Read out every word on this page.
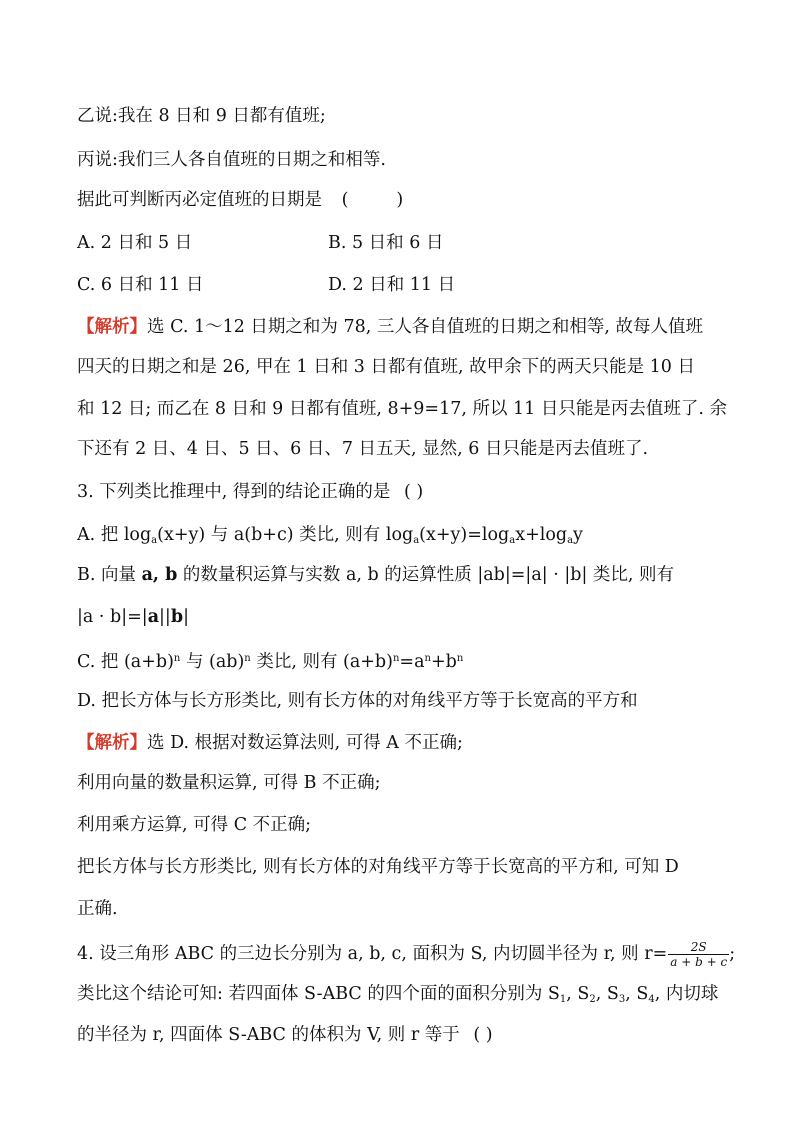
乙说:我在 8 日和 9 日都有值班;
丙说:我们三人各自值班的日期之和相等.
据此可判断丙必定值班的日期是 (	)
A. 2 日和 5 日	B. 5 日和 6 日
C. 6 日和 11 日	D. 2 日和 11 日
【解析】选 C. 1～12 日期之和为 78, 三人各自值班的日期之和相等, 故每人值班
四天的日期之和是 26, 甲在 1 日和 3 日都有值班, 故甲余下的两天只能是 10 日
和 12 日; 而乙在 8 日和 9 日都有值班, 8+9=17, 所以 11 日只能是丙去值班了. 余
下还有 2 日、4 日、5 日、6 日、7 日五天, 显然, 6 日只能是丙去值班了.
3. 下列类比推理中, 得到的结论正确的是 ( )
A. 把 $\log_a(x+y)$ 与 a(b+c) 类比, 则有 $\log_a(x+y)=\log_ax+\log_ay$
B. 向量 a, b 的数量积运算与实数 a, b 的运算性质 |ab|=|a| · |b| 类比, 则有
|a · b|=|a||b|
C. 把 $(a+b)^n$ 与 (ab)$^n$ 类比, 则有 $(a+b)^n=a^n+b^n$
D. 把长方体与长方形类比, 则有长方体的对角线平方等于长宽高的平方和
【解析】选 D. 根据对数运算法则, 可得 A 不正确;
利用向量的数量积运算, 可得 B 不正确;
利用乘方运算, 可得 C 不正确;
把长方体与长方形类比, 则有长方体的对角线平方等于长宽高的平方和, 可知 D
正确.
4. 设三角形 ABC 的三边长分别为 a, b, c, 面积为 S, 内切圆半径为 r, 则 $r= \frac{2S}{a + b + c}$ ;
类比这个结论可知: 若四面体 S-ABC 的四个面的面积分别为 $S_1$, $S_2$, $S_3$, $S_4$, 内切球
的半径为 r, 四面体 S-ABC 的体积为 V, 则 r 等于 ( )
